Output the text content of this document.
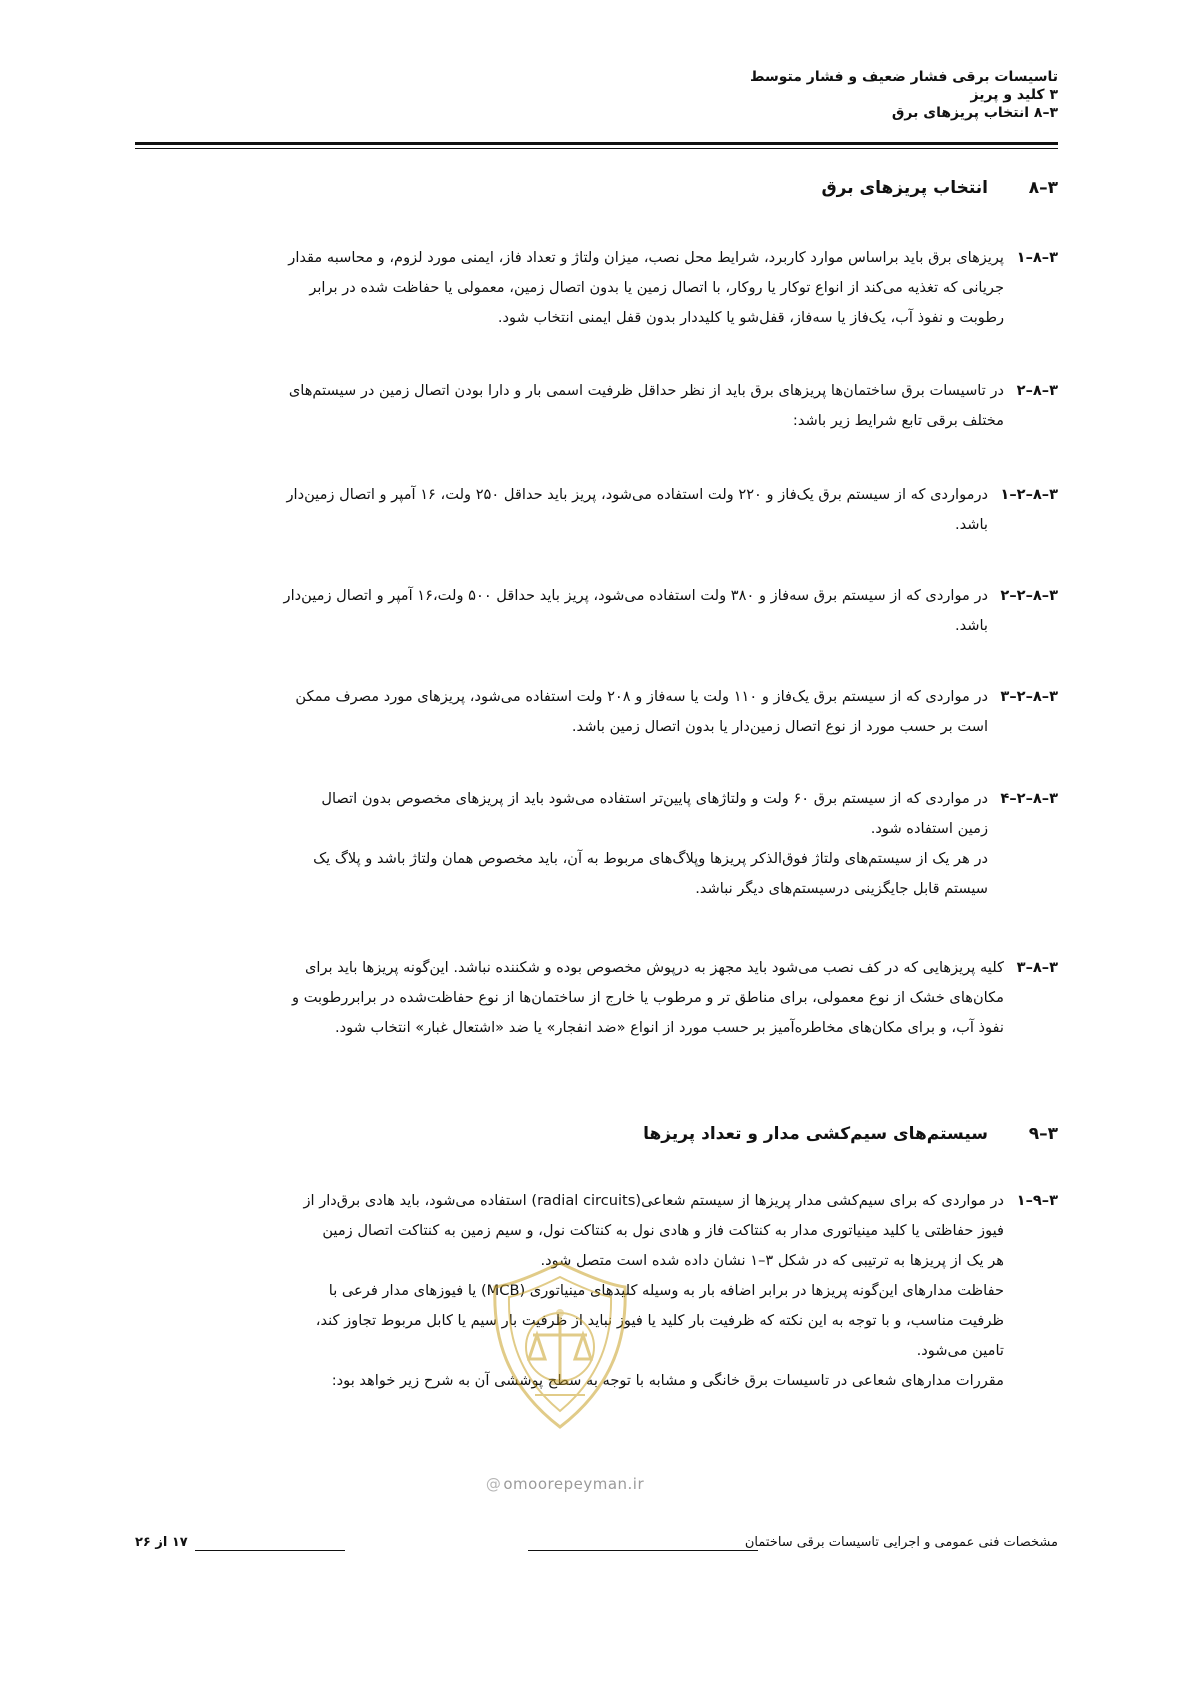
تاسیسات برقی فشار ضعیف و فشار متوسط
۳ کلید و پریز
۳–۸ انتخاب پریزهای برق
۳–۸انتخاب پریزهای برق
۳–۸–۱
پریزهای برق باید براساس موارد کاربرد، شرایط محل نصب، میزان ولتاژ و تعداد فاز، ایمنی مورد لزوم، و محاسبه مقدار
جریانی که تغذیه می‌کند از انواع توکار یا روکار، با اتصال زمین یا بدون اتصال زمین، معمولی یا حفاظت شده در برابر
رطوبت و نفوذ آب، یک‌فاز یا سه‌فاز، قفل‌شو یا کلیددار بدون قفل ایمنی انتخاب شود.
۳–۸–۲
در تاسیسات برق ساختمان‌ها پریزهای برق باید از نظر حداقل ظرفیت اسمی بار و دارا بودن اتصال زمین در سیستم‌های
مختلف برقی تابع شرایط زیر باشد:
۳–۸–۲–۱
درمواردی که از سیستم برق یک‌فاز و ۲۲۰ ولت استفاده می‌شود، پریز باید حداقل ۲۵۰ ولت، ۱۶ آمپر و اتصال زمین‌دار
باشد.
۳–۸–۲–۲
در مواردی که از سیستم برق سه‌فاز و ۳۸۰ ولت استفاده می‌شود، پریز باید حداقل ۵۰۰ ولت،۱۶ آمپر و اتصال زمین‌دار
باشد.
۳–۸–۲–۳
در مواردی که از سیستم برق یک‌فاز و ۱۱۰ ولت یا سه‌فاز و ۲۰۸ ولت استفاده می‌شود، پریزهای مورد مصرف ممکن
است بر حسب مورد از نوع اتصال زمین‌دار یا بدون اتصال زمین باشد.
۳–۸–۲–۴
در مواردی که از سیستم برق ۶۰ ولت و ولتاژهای پایین‌تر استفاده می‌شود باید از پریزهای مخصوص بدون اتصال
زمین استفاده شود.
در هر یک از سیستم‌های ولتاژ فوق‌الذکر پریزها وپلاگ‌های مربوط به آن، باید مخصوص همان ولتاژ باشد و پلاگ یک
سیستم قابل جایگزینی درسیستم‌های دیگر نباشد.
۳–۸–۳
کلیه پریزهایی که در کف نصب می‌شود باید مجهز به درپوش مخصوص بوده و شکننده نباشد. این‌گونه پریزها باید برای
مکان‌های خشک از نوع معمولی، برای مناطق تر و مرطوب یا خارج از ساختمان‌ها از نوع حفاظت‌شده در برابررطوبت و
نفوذ آب، و برای مکان‌های مخاطره‌آمیز بر حسب مورد از انواع «ضد انفجار» یا ضد «اشتعال غبار» انتخاب شود.
۳–۹سیستم‌های سیم‌کشی مدار و تعداد پریزها
۳–۹–۱
در مواردی که برای سیم‌کشی مدار پریزها از سیستم شعاعی(radial circuits) استفاده می‌شود، باید هادی برق‌دار از
فیوز حفاظتی یا کلید مینیاتوری مدار به کنتاکت فاز و هادی نول به کنتاکت نول، و سیم زمین به کنتاکت اتصال زمین
هر یک از پریزها به ترتیبی که در شکل ۳–۱ نشان داده شده است متصل شود.
حفاظت مدارهای این‌گونه پریزها در برابر اضافه بار به وسیله کلیدهای مینیاتوری (MCB) یا فیوزهای مدار فرعی با
ظرفیت مناسب، و با توجه به این نکته که ظرفیت بار کلید یا فیوز نباید از ظرفیت بار سیم یا کابل مربوط تجاوز کند،
تامین می‌شود.
مقررات مدارهای شعاعی در تاسیسات برق خانگی و مشابه با توجه به سطح پوششی آن به شرح زیر خواهد بود:
@ omoorepeyman.ir
مشخصات فنی عمومی و اجرایی تاسیسات برقی ساختمان
۱۷ از ۲۶
